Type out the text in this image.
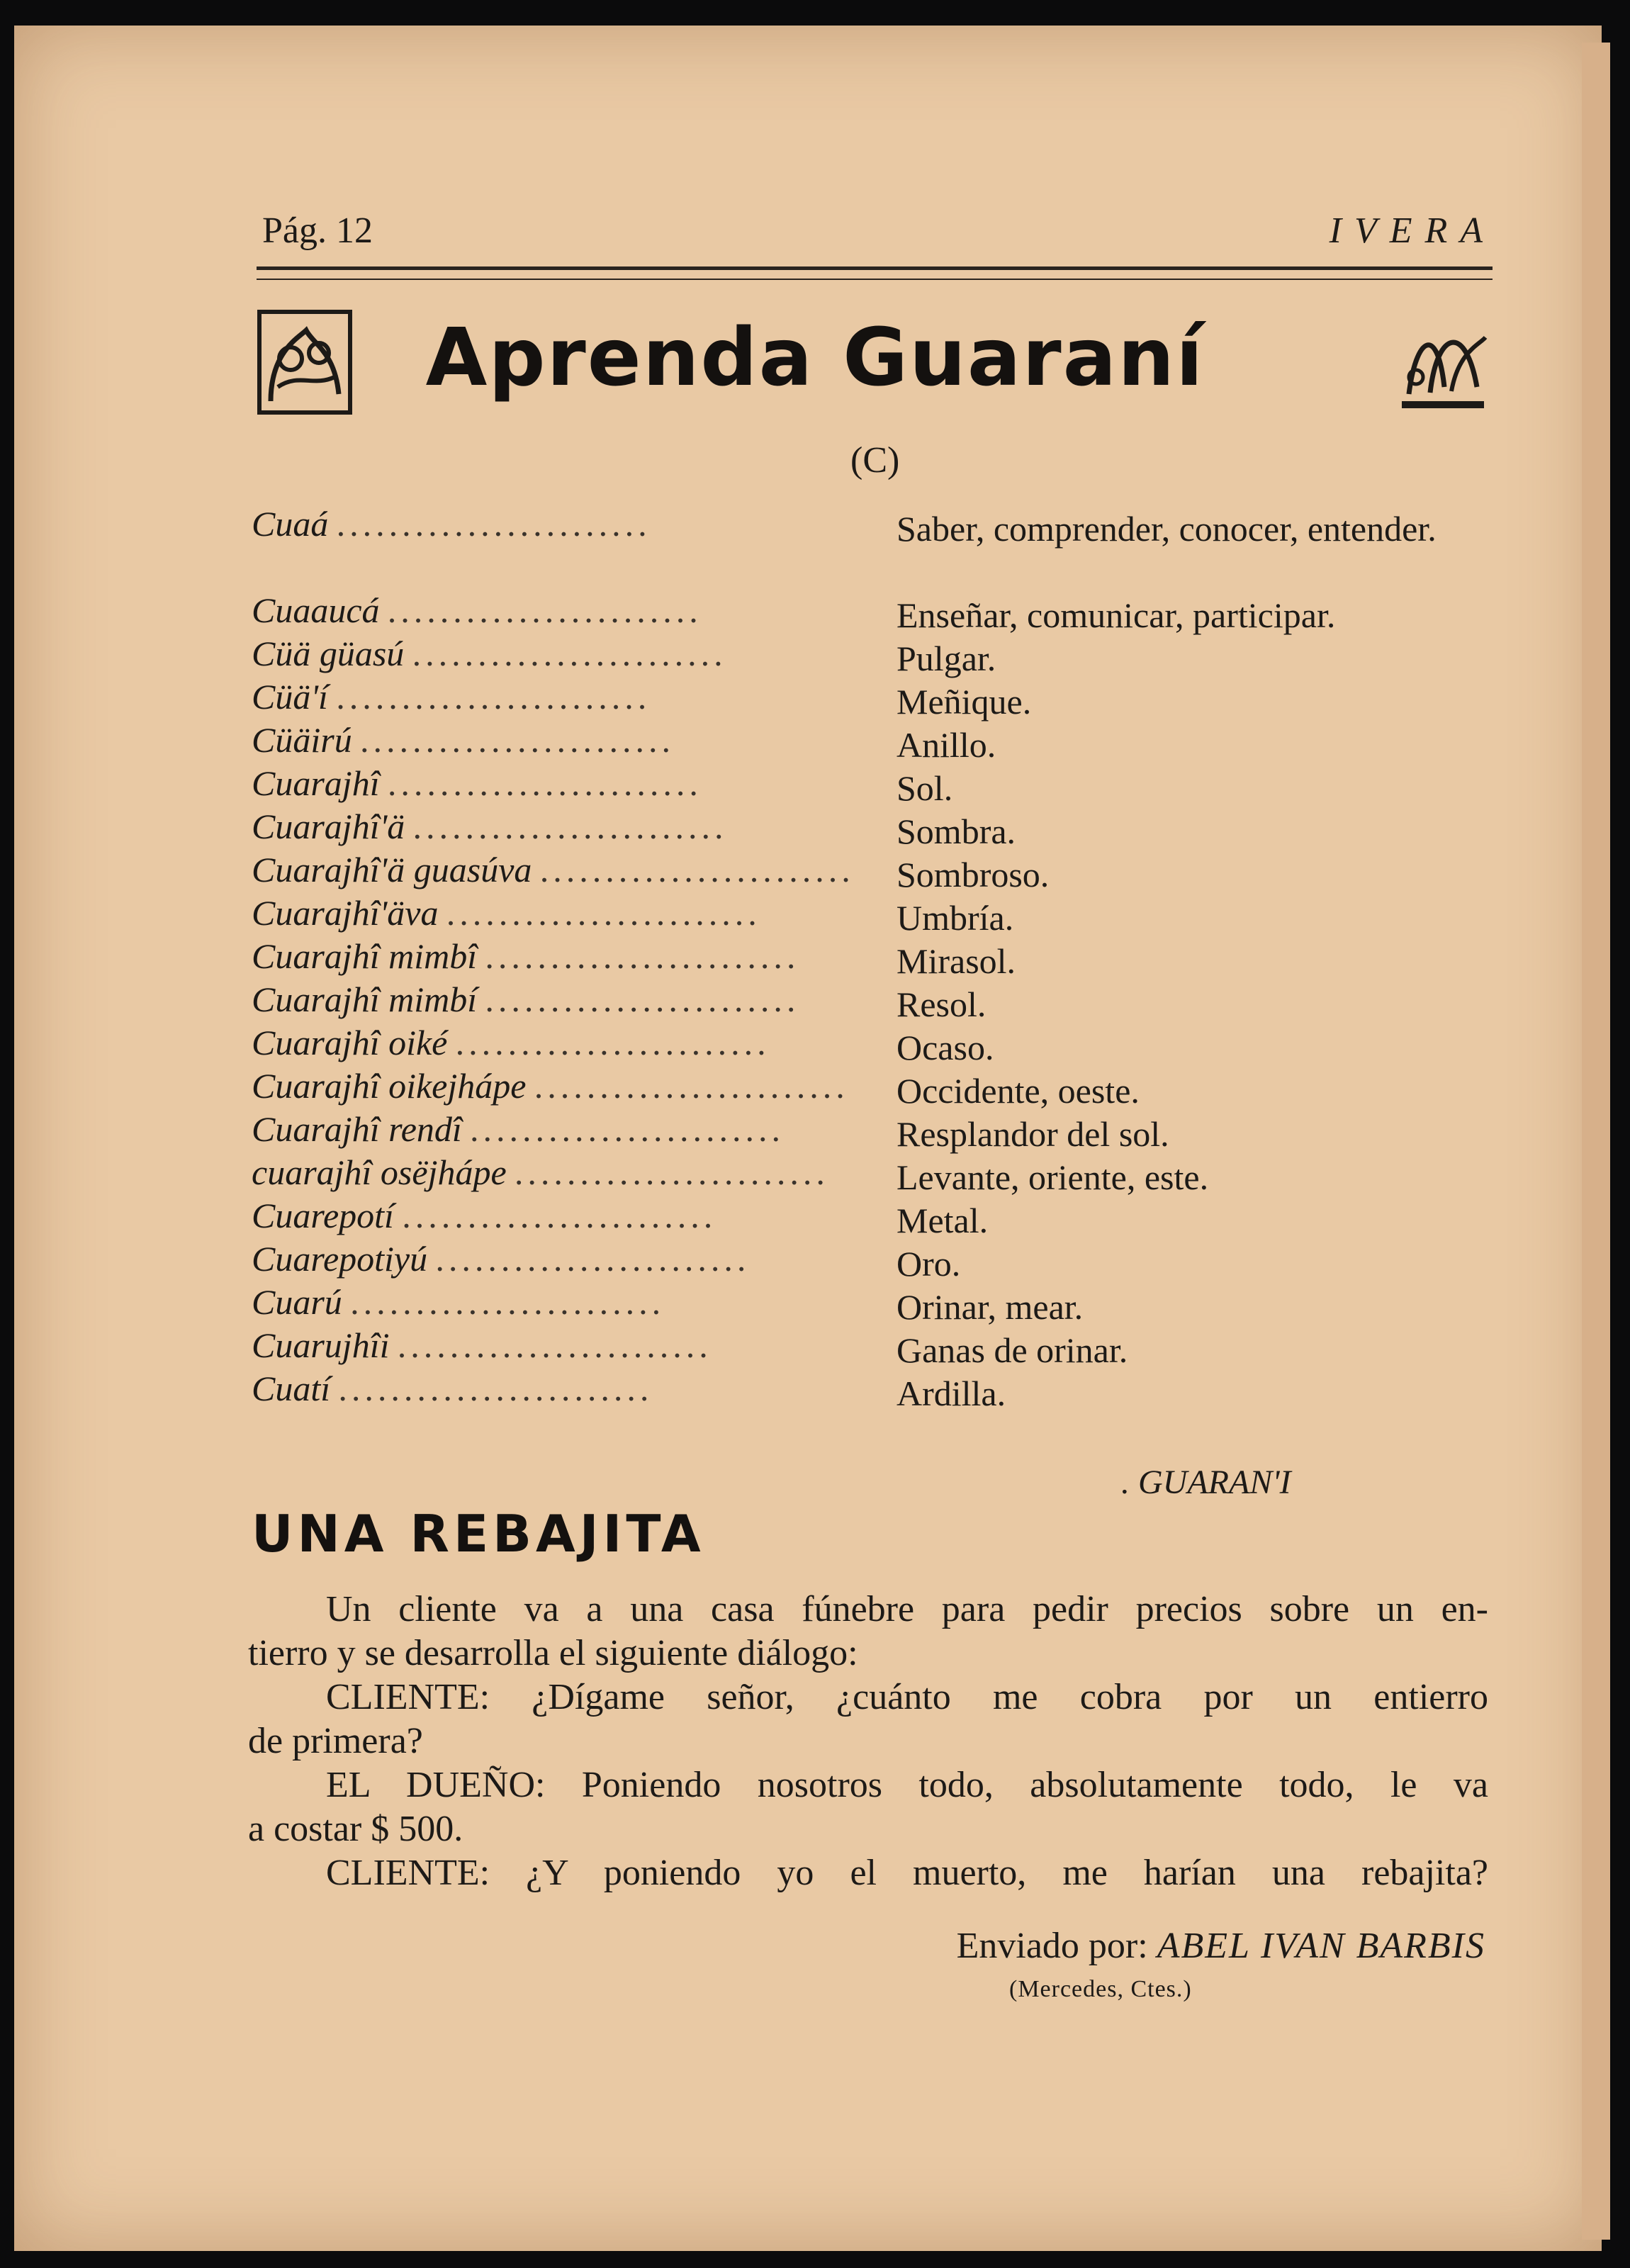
Pág. 12	IVERA
Aprenda Guaraní
(C)
Cuaá ........................	Saber, comprender, conocer, entender.
Cuaaucá ........................	Enseñar, comunicar, participar.
Cüä güasú ........................	Pulgar.
Cüä'í ........................	Meñique.
Cüäirú ........................	Anillo.
Cuarajhî ........................	Sol.
Cuarajhî'ä ........................	Sombra.
Cuarajhî'ä guasúva ........................ Sombroso.
Cuarajhî'äva ........................	Umbría.
Cuarajhî mimbî ........................	Mirasol.
Cuarajhî mimbí ........................	Resol.
Cuarajhî oiké ........................	Ocaso.
Cuarajhî oikejhápe ........................ Occidente, oeste.
Cuarajhî rendî ........................	Resplandor del sol.
cuarajhî osëjhápe ........................ Levante, oriente, este.
Cuarepotí ........................	Metal.
Cuarepotiyú ........................	Oro.
Cuarú ........................	Orinar, mear.
Cuarujhîi ........................	Ganas de orinar.
Cuatí ........................	Ardilla.
. GUARAN'I
UNA REBAJITA

Un cliente va a una casa fúnebre para pedir precios sobre un en-

tierro y se desarrolla el siguiente diálogo:

CLIENTE: ¿Dígame señor, ¿cuánto me cobra por un entierro

de primera?

EL DUEÑO: Poniendo nosotros todo, absolutamente todo, le va

a costar $ 500.

CLIENTE: ¿Y poniendo yo el muerto, me harían una rebajita?

Enviado por: ABEL IVAN BARBIS
(Mercedes, Ctes.)
